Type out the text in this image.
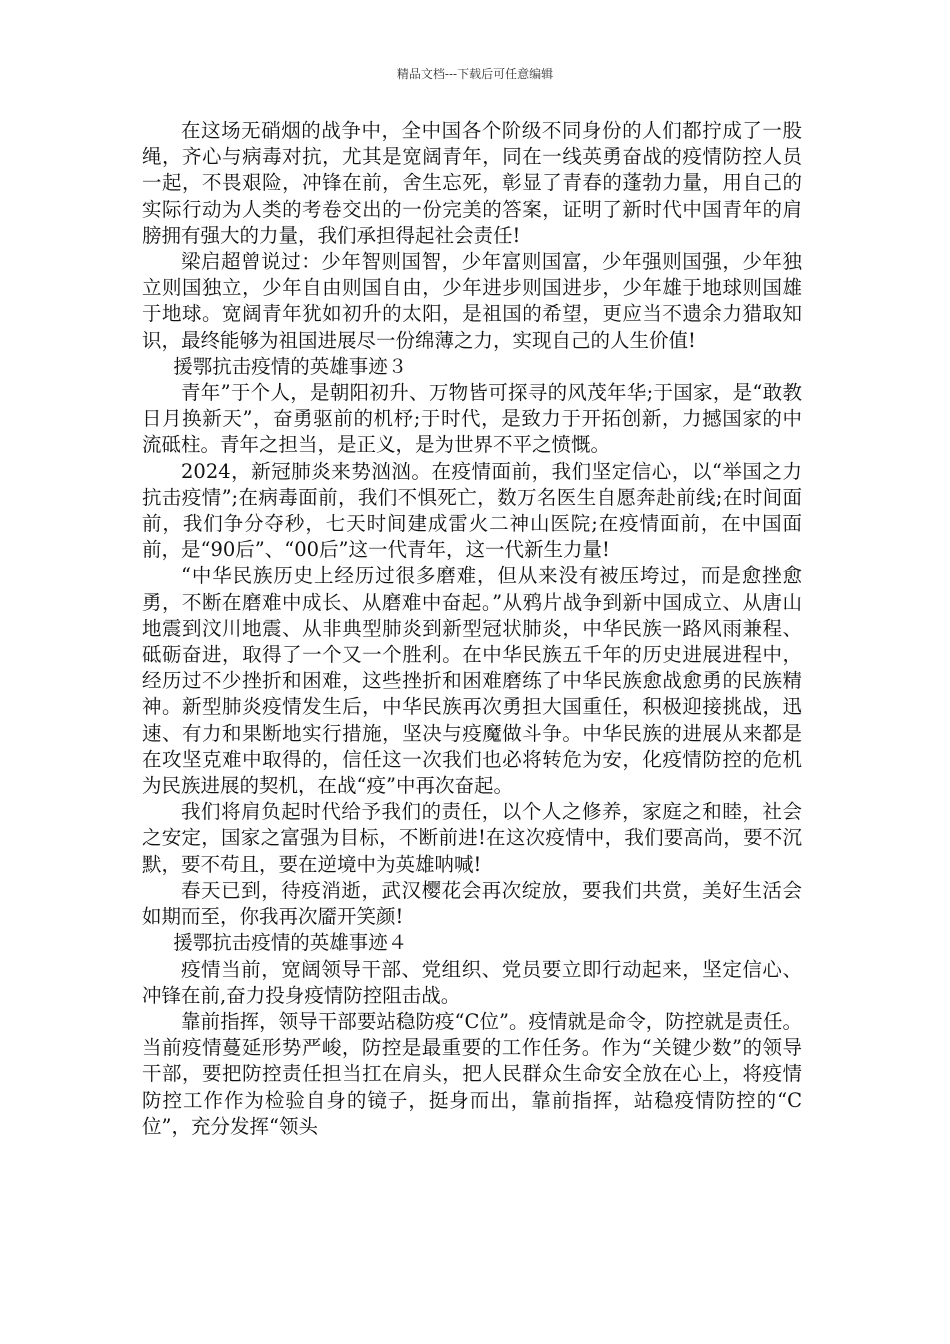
精品文档---下载后可任意编辑

在这场无硝烟的战争中，全中国各个阶级不同身份的人们都拧成了一股绳，齐心与病毒对抗，尤其是宽阔青年，同在一线英勇奋战的疫情防控人员一起，不畏艰险，冲锋在前，舍生忘死，彰显了青春的蓬勃力量，用自己的实际行动为人类的考卷交出的一份完美的答案，证明了新时代中国青年的肩膀拥有强大的力量，我们承担得起社会责任!

梁启超曾说过：少年智则国智，少年富则国富，少年强则国强，少年独立则国独立，少年自由则国自由，少年进步则国进步，少年雄于地球则国雄于地球。宽阔青年犹如初升的太阳，是祖国的希望，更应当不遗余力猎取知识，最终能够为祖国进展尽一份绵薄之力，实现自己的人生价值!

援鄂抗击疫情的英雄事迹３

青年”于个人，是朝阳初升、万物皆可探寻的风茂年华;于国家，是“敢教日月换新天”，奋勇驱前的机杼;于时代，是致力于开拓创新，力撼国家的中流砥柱。青年之担当，是正义，是为世界不平之愤慨。

2024，新冠肺炎来势汹汹。在疫情面前，我们坚定信心，以“举国之力抗击疫情”;在病毒面前，我们不惧死亡，数万名医生自愿奔赴前线;在时间面前，我们争分夺秒，七天时间建成雷火二神山医院;在疫情面前，在中国面前，是“90后”、“00后”这一代青年，这一代新生力量!

“中华民族历史上经历过很多磨难，但从来没有被压垮过，而是愈挫愈勇，不断在磨难中成长、从磨难中奋起。”从鸦片战争到新中国成立、从唐山地震到汶川地震、从非典型肺炎到新型冠状肺炎，中华民族一路风雨兼程、砥砺奋进，取得了一个又一个胜利。在中华民族五千年的历史进展进程中，经历过不少挫折和困难，这些挫折和困难磨练了中华民族愈战愈勇的民族精神。新型肺炎疫情发生后，中华民族再次勇担大国重任，积极迎接挑战，迅速、有力和果断地实行措施，坚决与疫魔做斗争。中华民族的进展从来都是在攻坚克难中取得的，信任这一次我们也必将转危为安，化疫情防控的危机为民族进展的契机，在战“疫”中再次奋起。

我们将肩负起时代给予我们的责任，以个人之修养，家庭之和睦，社会之安定，国家之富强为目标，不断前进!在这次疫情中，我们要高尚，要不沉默，要不苟且，要在逆境中为英雄呐喊!

春天已到，待疫消逝，武汉樱花会再次绽放，要我们共赏，美好生活会如期而至，你我再次靥开笑颜!

援鄂抗击疫情的英雄事迹４

疫情当前，宽阔领导干部、党组织、党员要立即行动起来，坚定信心、冲锋在前,奋力投身疫情防控阻击战。

靠前指挥，领导干部要站稳防疫“C位”。疫情就是命令，防控就是责任。当前疫情蔓延形势严峻，防控是最重要的工作任务。作为“关键少数”的领导干部，要把防控责任担当扛在肩头，把人民群众生命安全放在心上，将疫情防控工作作为检验自身的镜子，挺身而出，靠前指挥，站稳疫情防控的“C位”，充分发挥“领头
